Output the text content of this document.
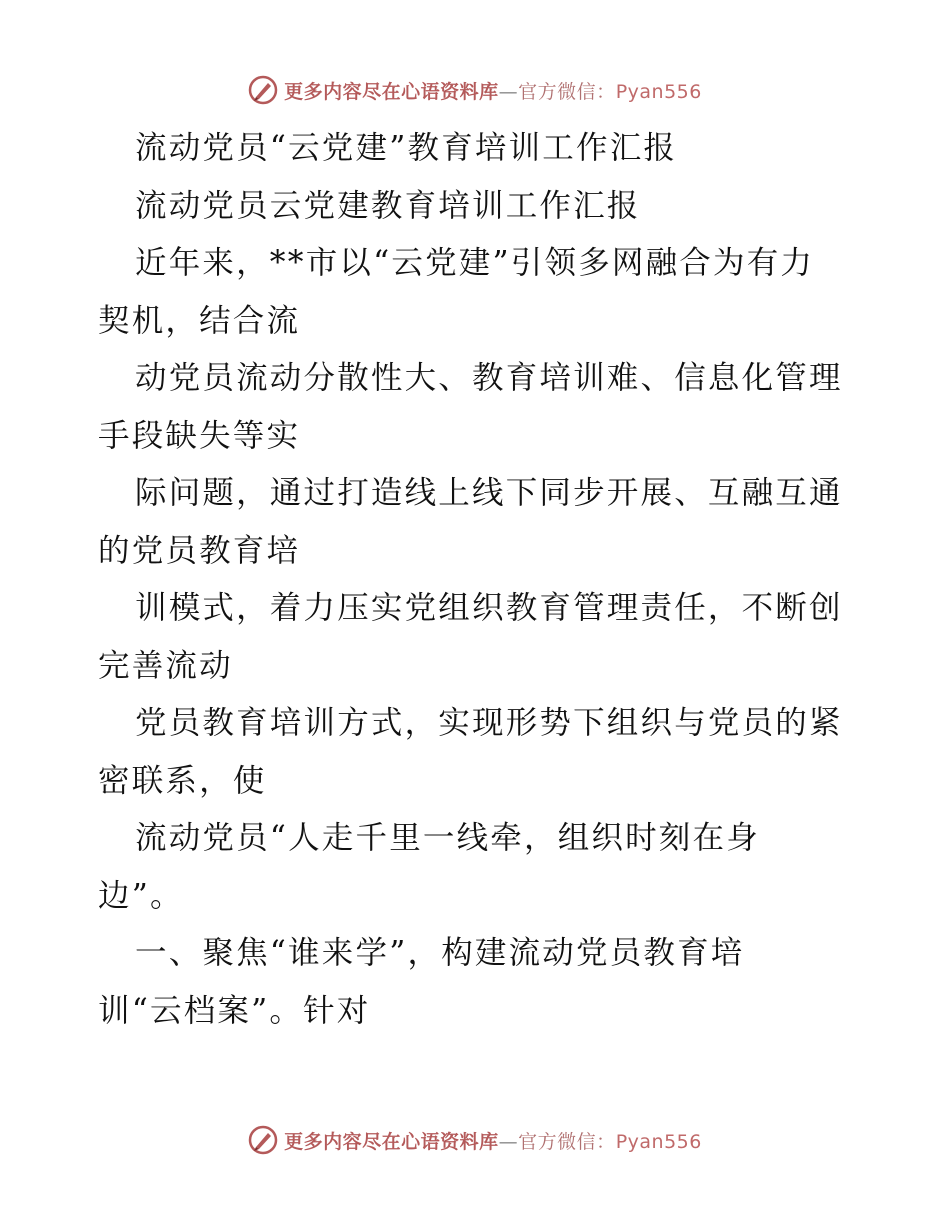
更多内容尽在心语资料库—官方微信：Pyan556
流动党员“云党建”教育培训工作汇报
流动党员云党建教育培训工作汇报
近年来，**市以“云党建”引领多网融合为有力
契机，结合流
动党员流动分散性大、教育培训难、信息化管理
手段缺失等实
际问题，通过打造线上线下同步开展、互融互通
的党员教育培
训模式，着力压实党组织教育管理责任，不断创
完善流动
党员教育培训方式，实现形势下组织与党员的紧
密联系，使
流动党员“人走千里一线牵，组织时刻在身
边”。
一、聚焦“谁来学”，构建流动党员教育培
训“云档案”。针对
更多内容尽在心语资料库—官方微信：Pyan556
